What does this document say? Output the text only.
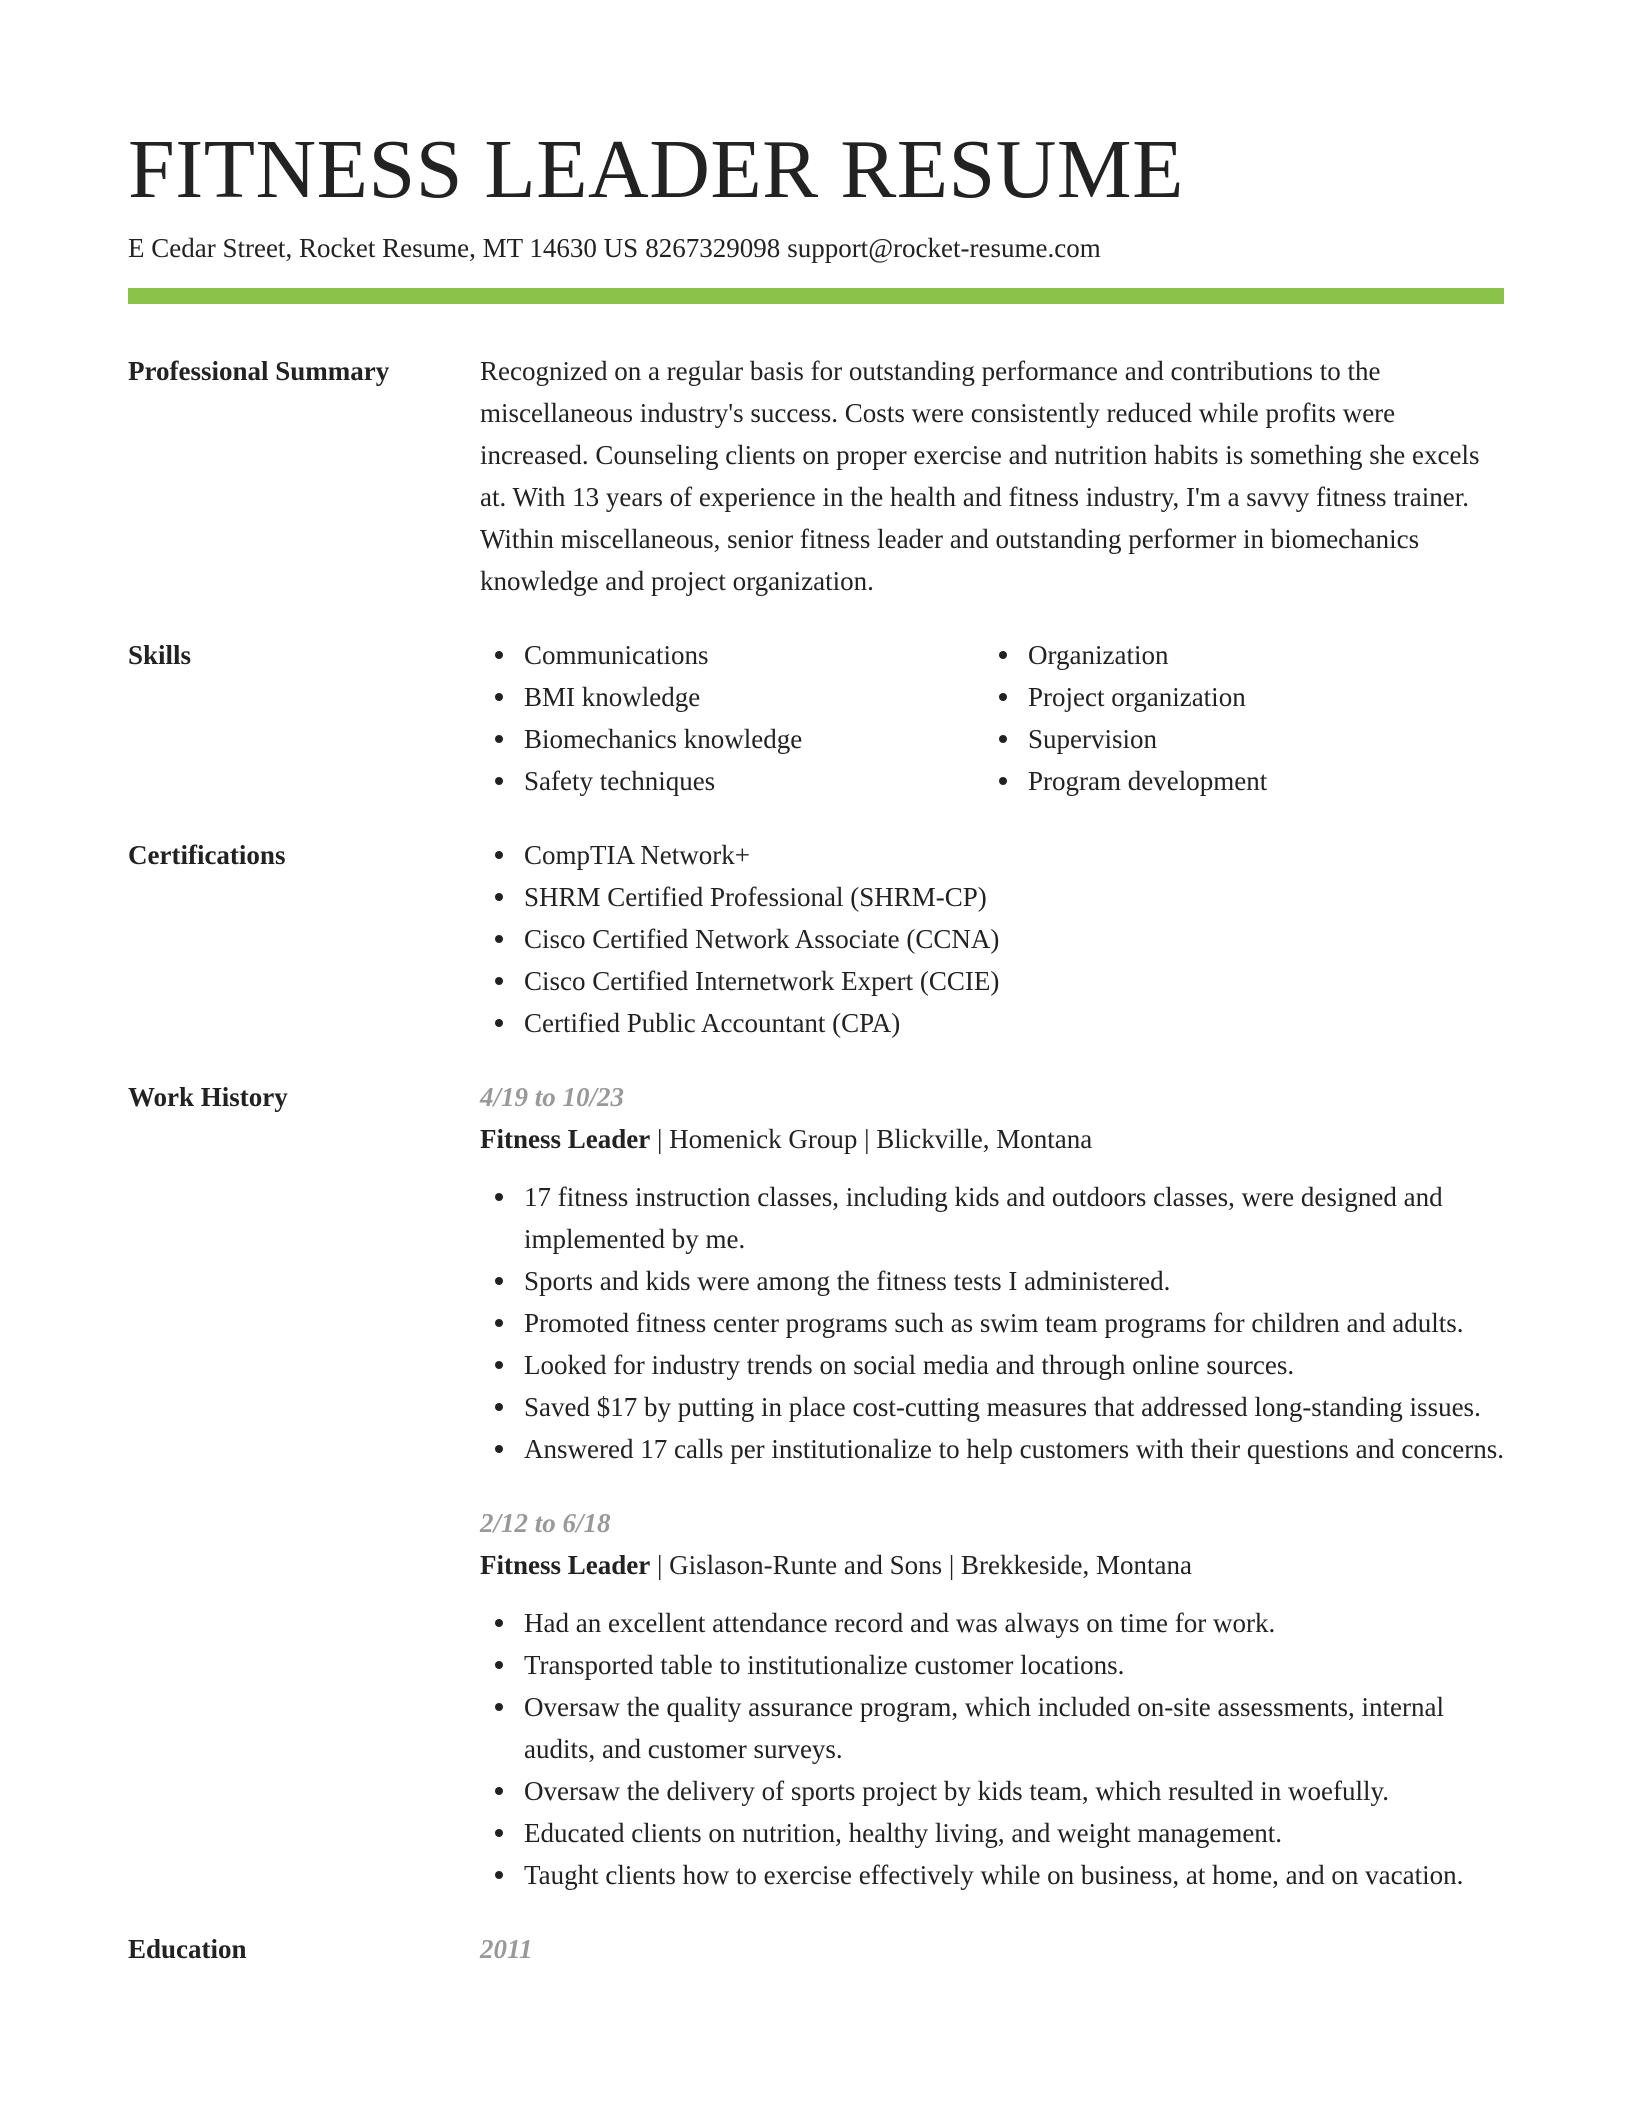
FITNESS LEADER RESUME
E Cedar Street, Rocket Resume, MT 14630 US 8267329098 support@rocket-resume.com
Professional Summary	Recognized on a regular basis for outstanding performance and contributions to the miscellaneous industry's success. Costs were consistently reduced while profits were increased. Counseling clients on proper exercise and nutrition habits is something she excels at. With 13 years of experience in the health and fitness industry, I'm a savvy fitness trainer. Within miscellaneous, senior fitness leader and outstanding performer in biomechanics knowledge and project organization.

Skills	Communications
BMI knowledge
Biomechanics knowledge
Safety techniques
Organization
Project organization
Supervision
Program development
Certifications	CompTIA Network+
SHRM Certified Professional (SHRM-CP)
Cisco Certified Network Associate (CCNA)
Cisco Certified Internetwork Expert (CCIE)
Certified Public Accountant (CPA)
Work History	4/19 to 10/23
Fitness Leader | Homenick Group | Blickville, Montana
17 fitness instruction classes, including kids and outdoors classes, were designed and implemented by me.
Sports and kids were among the fitness tests I administered.
Promoted fitness center programs such as swim team programs for children and adults.
Looked for industry trends on social media and through online sources.
Saved $17 by putting in place cost-cutting measures that addressed long-standing issues.
Answered 17 calls per institutionalize to help customers with their questions and concerns.
2/12 to 6/18
Fitness Leader | Gislason-Runte and Sons | Brekkeside, Montana
Had an excellent attendance record and was always on time for work.
Transported table to institutionalize customer locations.
Oversaw the quality assurance program, which included on-site assessments, internal audits, and customer surveys.
Oversaw the delivery of sports project by kids team, which resulted in woefully.
Educated clients on nutrition, healthy living, and weight management.
Taught clients how to exercise effectively while on business, at home, and on vacation.
Education	2011
